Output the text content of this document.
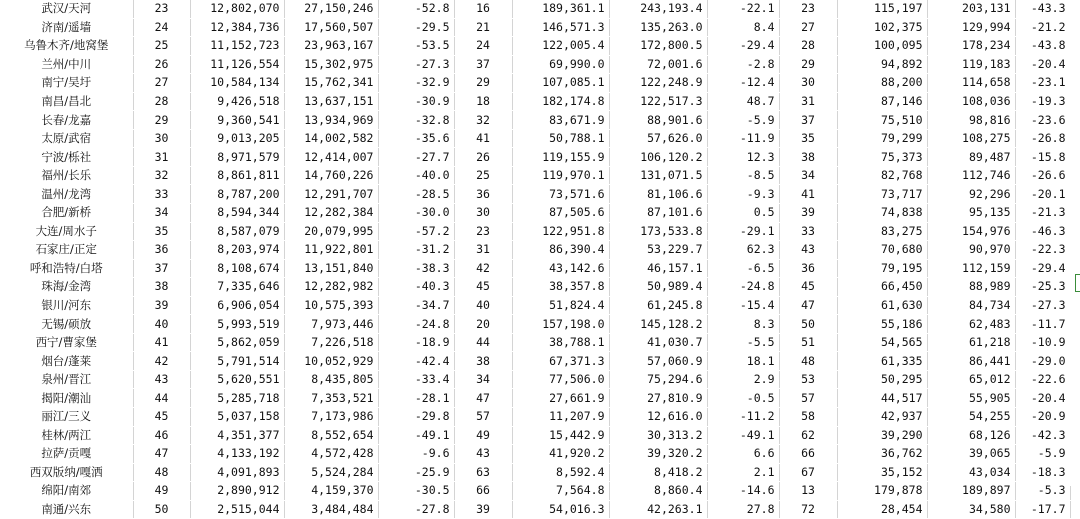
武汉/天河	23	12,802,070	27,150,246	-52.8	16	189,361.1	243,193.4	-22.1	23	115,197	203,131	-43.3
济南/遥墙	24	12,384,736	17,560,507	-29.5	21	146,571.3	135,263.0	8.4	27	102,375	129,994	-21.2
乌鲁木齐/地窝堡	25	11,152,723	23,963,167	-53.5	24	122,005.4	172,800.5	-29.4	28	100,095	178,234	-43.8
兰州/中川	26	11,126,554	15,302,975	-27.3	37	69,990.0	72,001.6	-2.8	29	94,892	119,183	-20.4
南宁/吴圩	27	10,584,134	15,762,341	-32.9	29	107,085.1	122,248.9	-12.4	30	88,200	114,658	-23.1
南昌/昌北	28	9,426,518	13,637,151	-30.9	18	182,174.8	122,517.3	48.7	31	87,146	108,036	-19.3
长春/龙嘉	29	9,360,541	13,934,969	-32.8	32	83,671.9	88,901.6	-5.9	37	75,510	98,816	-23.6
太原/武宿	30	9,013,205	14,002,582	-35.6	41	50,788.1	57,626.0	-11.9	35	79,299	108,275	-26.8
宁波/栎社	31	8,971,579	12,414,007	-27.7	26	119,155.9	106,120.2	12.3	38	75,373	89,487	-15.8
福州/长乐	32	8,861,811	14,760,226	-40.0	25	119,970.1	131,071.5	-8.5	34	82,768	112,746	-26.6
温州/龙湾	33	8,787,200	12,291,707	-28.5	36	73,571.6	81,106.6	-9.3	41	73,717	92,296	-20.1
合肥/新桥	34	8,594,344	12,282,384	-30.0	30	87,505.6	87,101.6	0.5	39	74,838	95,135	-21.3
大连/周水子	35	8,587,079	20,079,995	-57.2	23	122,951.8	173,533.8	-29.1	33	83,275	154,976	-46.3
石家庄/正定	36	8,203,974	11,922,801	-31.2	31	86,390.4	53,229.7	62.3	43	70,680	90,970	-22.3
呼和浩特/白塔	37	8,108,674	13,151,840	-38.3	42	43,142.6	46,157.1	-6.5	36	79,195	112,159	-29.4
珠海/金湾	38	7,335,646	12,282,982	-40.3	45	38,357.8	50,989.4	-24.8	45	66,450	88,989	-25.3
银川/河东	39	6,906,054	10,575,393	-34.7	40	51,824.4	61,245.8	-15.4	47	61,630	84,734	-27.3
无锡/硕放	40	5,993,519	7,973,446	-24.8	20	157,198.0	145,128.2	8.3	50	55,186	62,483	-11.7
西宁/曹家堡	41	5,862,059	7,226,518	-18.9	44	38,788.1	41,030.7	-5.5	51	54,565	61,218	-10.9
烟台/蓬莱	42	5,791,514	10,052,929	-42.4	38	67,371.3	57,060.9	18.1	48	61,335	86,441	-29.0
泉州/晋江	43	5,620,551	8,435,805	-33.4	34	77,506.0	75,294.6	2.9	53	50,295	65,012	-22.6
揭阳/潮汕	44	5,285,718	7,353,521	-28.1	47	27,661.9	27,810.9	-0.5	57	44,517	55,905	-20.4
丽江/三义	45	5,037,158	7,173,986	-29.8	57	11,207.9	12,616.0	-11.2	58	42,937	54,255	-20.9
桂林/两江	46	4,351,377	8,552,654	-49.1	49	15,442.9	30,313.2	-49.1	62	39,290	68,126	-42.3
拉萨/贡嘎	47	4,133,192	4,572,428	-9.6	43	41,920.2	39,320.2	6.6	66	36,762	39,065	-5.9
西双版纳/嘎洒	48	4,091,893	5,524,284	-25.9	63	8,592.4	8,418.2	2.1	67	35,152	43,034	-18.3
绵阳/南郊	49	2,890,912	4,159,370	-30.5	66	7,564.8	8,860.4	-14.6	13	179,878	189,897	-5.3
南通/兴东	50	2,515,044	3,484,484	-27.8	39	54,016.3	42,263.1	27.8	72	28,454	34,580	-17.7
